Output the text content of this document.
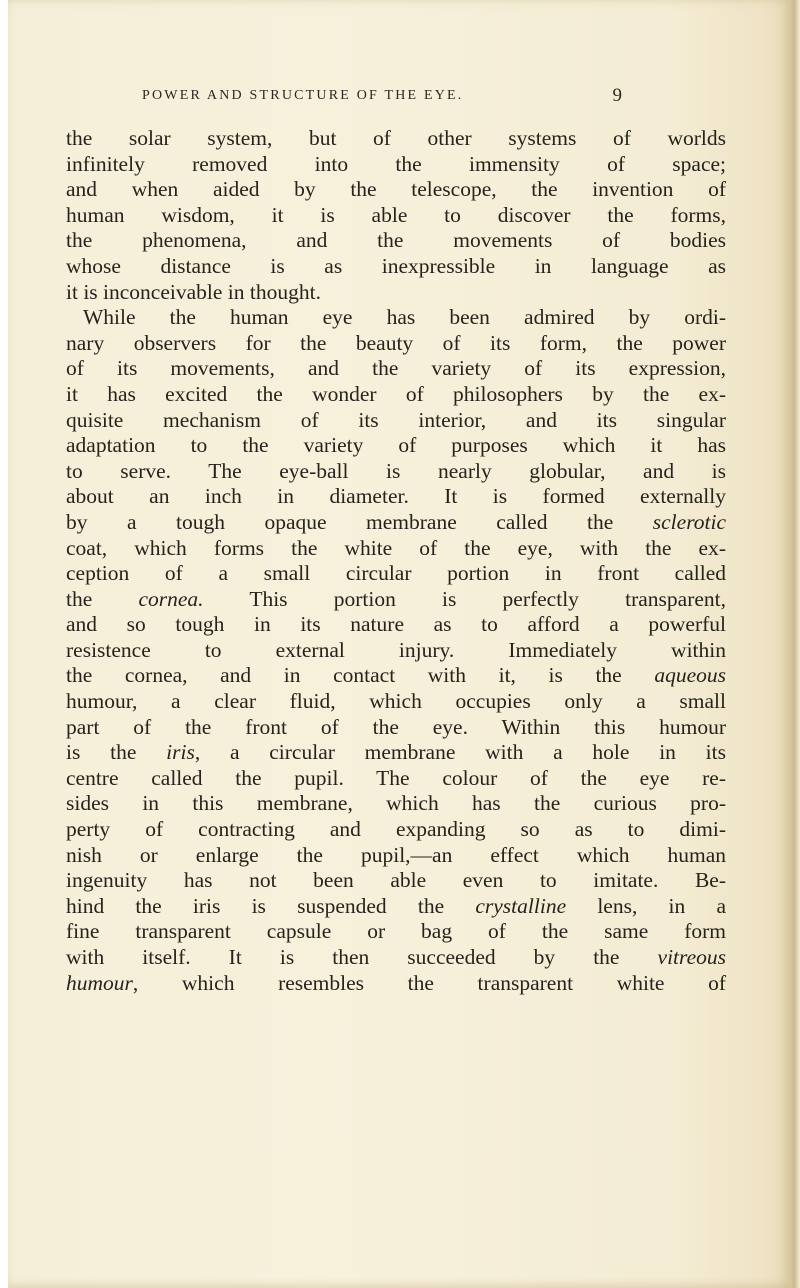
POWER AND STRUCTURE OF THE EYE.	9
the solar system, but of other systems of worlds
infinitely removed into the immensity of space;
and when aided by the telescope, the invention of
human wisdom, it is able to discover the forms,
the phenomena, and the movements of bodies
whose distance is as inexpressible in language as
it is inconceivable in thought.
While the human eye has been admired by ordi-
nary observers for the beauty of its form, the power
of its movements, and the variety of its expression,
it has excited the wonder of philosophers by the ex-
quisite mechanism of its interior, and its singular
adaptation to the variety of purposes which it has
to serve. The eye-ball is nearly globular, and is
about an inch in diameter. It is formed externally
by a tough opaque membrane called the sclerotic
coat, which forms the white of the eye, with the ex-
ception of a small circular portion in front called
the cornea. This portion is perfectly transparent,
and so tough in its nature as to afford a powerful
resistence to external injury. Immediately within
the cornea, and in contact with it, is the aqueous
humour, a clear fluid, which occupies only a small
part of the front of the eye. Within this humour
is the iris, a circular membrane with a hole in its
centre called the pupil. The colour of the eye re-
sides in this membrane, which has the curious pro-
perty of contracting and expanding so as to dimi-
nish or enlarge the pupil,—an effect which human
ingenuity has not been able even to imitate. Be-
hind the iris is suspended the crystalline lens, in a
fine transparent capsule or bag of the same form
with itself. It is then succeeded by the vitreous
humour, which resembles the transparent white of
